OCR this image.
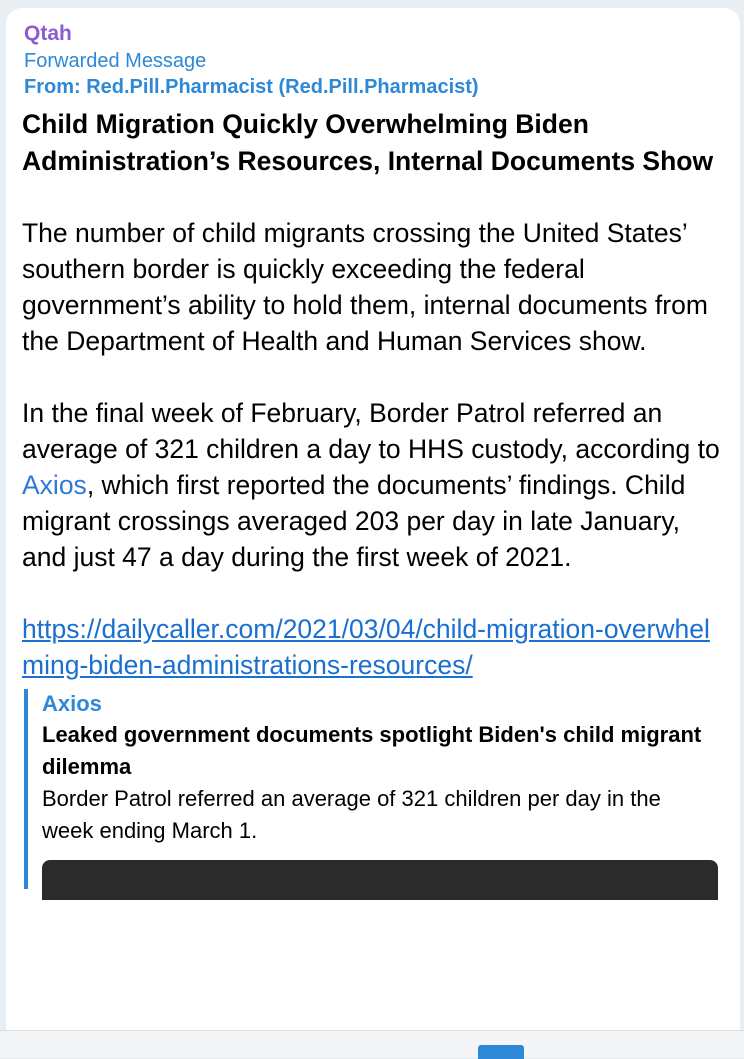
Qtah
Forwarded Message
From: Red.Pill.Pharmacist (Red.Pill.Pharmacist)
Child Migration Quickly Overwhelming Biden Administration’s Resources, Internal Documents Show
The number of child migrants crossing the United States’ southern border is quickly exceeding the federal government’s ability to hold them, internal documents from the Department of Health and Human Services show.
In the final week of February, Border Patrol referred an average of 321 children a day to HHS custody, according to Axios, which first reported the documents’ findings. Child migrant crossings averaged 203 per day in late January, and just 47 a day during the first week of 2021.
https://dailycaller.com/2021/03/04/child-migration-overwhelming-biden-administrations-resources/
Axios
Leaked government documents spotlight Biden's child migrant dilemma
Border Patrol referred an average of 321 children per day in the week ending March 1.
